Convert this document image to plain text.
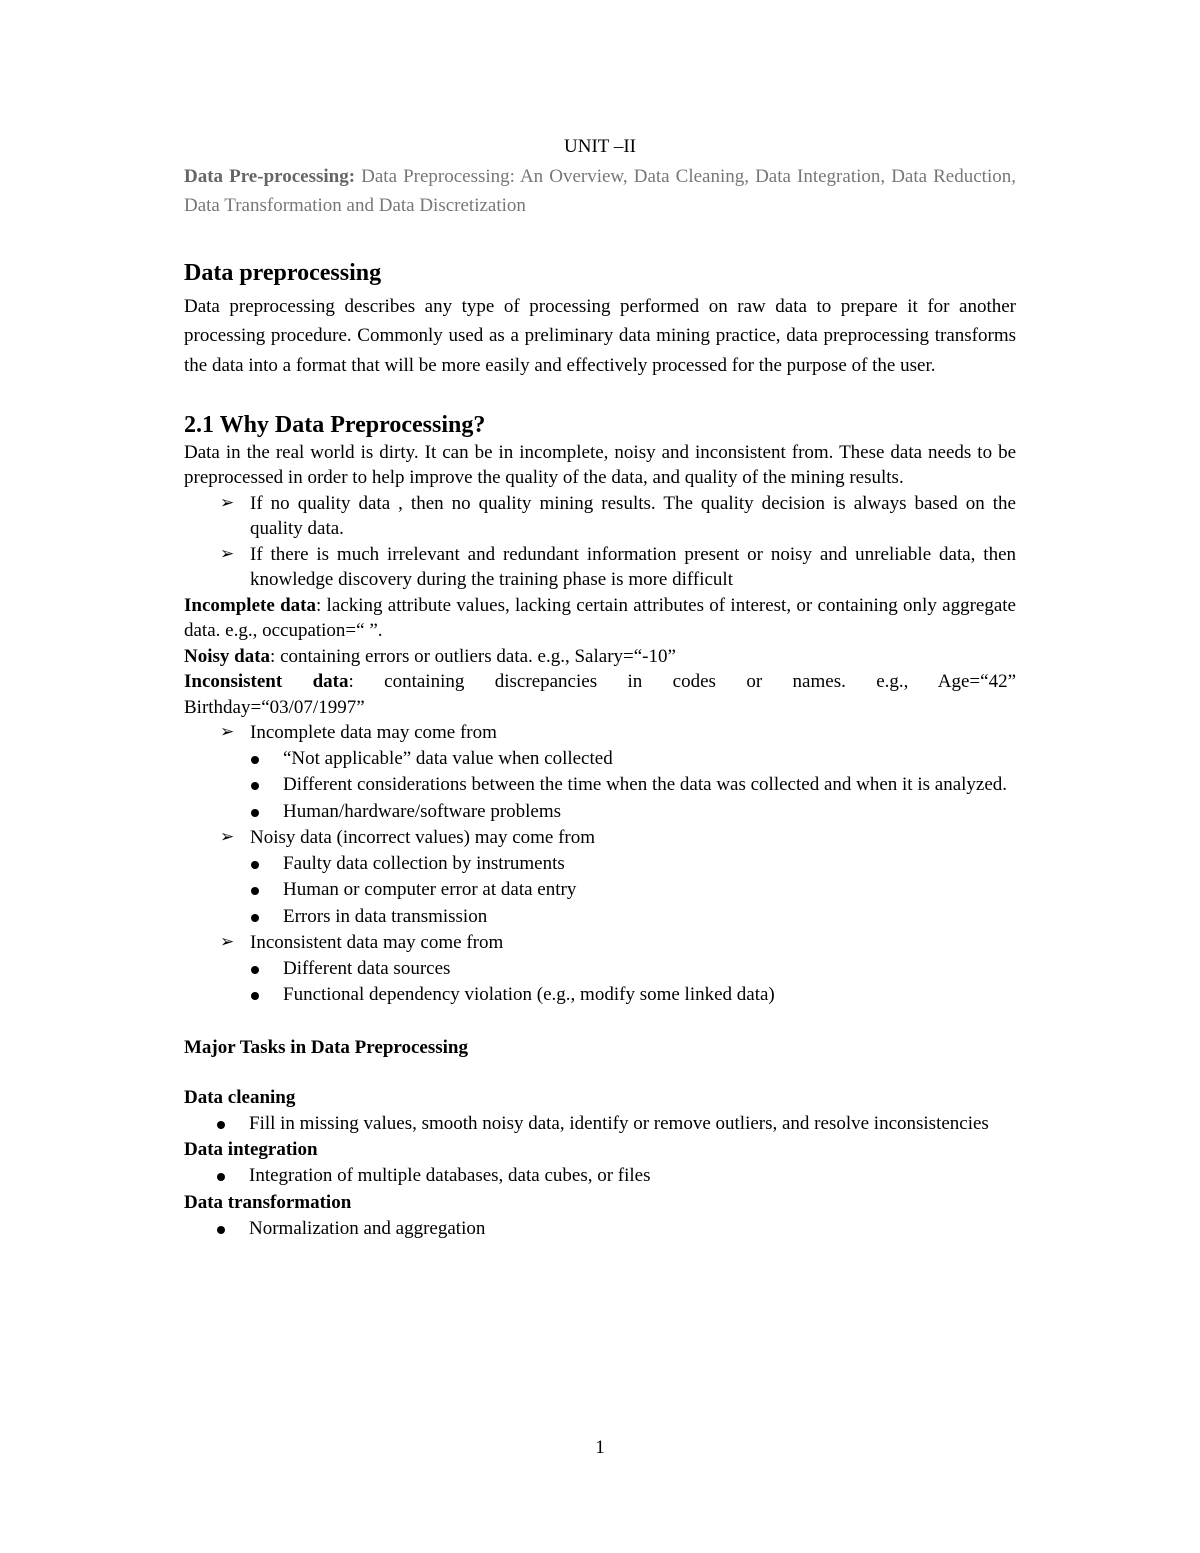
UNIT –II

Data Pre-processing: Data Preprocessing: An Overview, Data Cleaning, Data Integration, Data Reduction, Data Transformation and Data Discretization

Data preprocessing

Data preprocessing describes any type of processing performed on raw data to prepare it for another processing procedure. Commonly used as a preliminary data mining practice, data preprocessing transforms the data into a format that will be more easily and effectively processed for the purpose of the user.

2.1 Why Data Preprocessing?

Data in the real world is dirty. It can be in incomplete, noisy and inconsistent from. These data needs to be preprocessed in order to help improve the quality of the data, and quality of the mining results.

➢ If no quality data , then no quality mining results. The quality decision is always based on the quality data.
➢ If there is much irrelevant and redundant information present or noisy and unreliable data, then knowledge discovery during the training phase is more difficult

Incomplete data: lacking attribute values, lacking certain attributes of interest, or containing only aggregate data. e.g., occupation=“ ”.

Noisy data: containing errors or outliers data. e.g., Salary=“-10”

Inconsistent data: containing discrepancies in codes or names. e.g., Age=“42”

Birthday=“03/07/1997”

➢ Incomplete data may come from
“Not applicable” data value when collected
Different considerations between the time when the data was collected and when it is analyzed.
Human/hardware/software problems
➢ Noisy data (incorrect values) may come from
Faulty data collection by instruments
Human or computer error at data entry
Errors in data transmission
➢ Inconsistent data may come from
Different data sources
Functional dependency violation (e.g., modify some linked data)

Major Tasks in Data Preprocessing

Data cleaning

Fill in missing values, smooth noisy data, identify or remove outliers, and resolve inconsistencies

Data integration

Integration of multiple databases, data cubes, or files

Data transformation

Normalization and aggregation
1
